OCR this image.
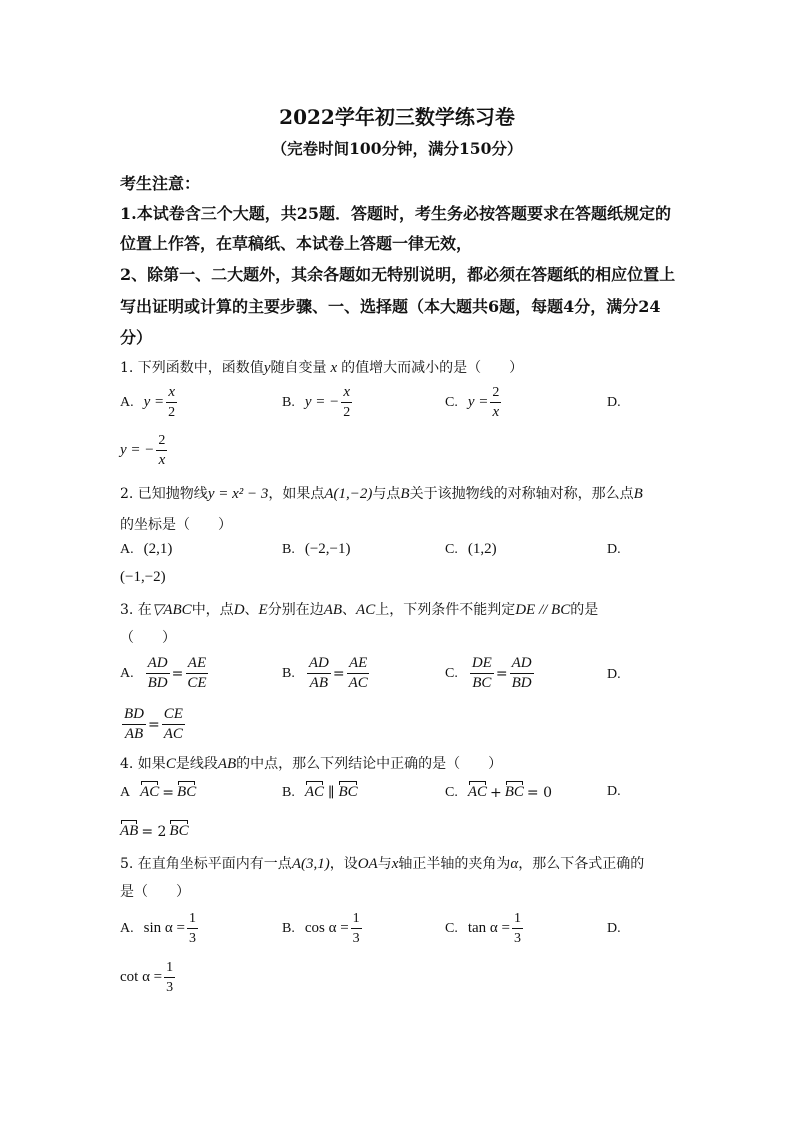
2022学年初三数学练习卷
（完卷时间100分钟，满分150分）
考生注意：
1.本试卷含三个大题，共25题．答题时，考生务必按答题要求在答题纸规定的
位置上作答，在草稿纸、本试卷上答题一律无效，
2、除第一、二大题外，其余各题如无特别说明，都必须在答题纸的相应位置上
写出证明或计算的主要步骤、一、选择题（本大题共6题，每题4分，满分24
分）
1. 下列函数中，函数值y随自变量 x 的值增大而减小的是（　　）
A. $y = \frac{x}{2}$	B. y = − $\frac{x}{2}$	C. $y = \frac{2}{x}$	D.
y = − $\frac{2}{x}$
2. 已知抛物线y = x² − 3，如果点A(1,−2)与点B关于该抛物线的对称轴对称，那么点B
的坐标是（　　）
A. (2,1)	B. (−2,−1)	C. (1,2)	D.
(−1,−2)
3. 在▽ABC中，点D、E分别在边AB、AC上，下列条件不能判定DE // BC的是
（　　）
A. $\frac{AD}{BD} = \frac{AE}{CE}$	B. $\frac{AD}{AB} = \frac{AE}{AC}$	C. $\frac{DE}{BC} = \frac{AD}{BD}$	D.
$\frac{BD}{AB} = \frac{CE}{AC}$
4. 如果C是线段AB的中点，那么下列结论中正确的是（　　）
A AC = BC	B. AC ∥ BC	C. AC + BC = 0	D.
AB = 2 BC
5. 在直角坐标平面内有一点A(3,1)，设OA与x轴正半轴的夹角为α，那么下各式正确的
是（　　）
A. $\sin \alpha = \frac{1}{3}$	B. $\cos \alpha = \frac{1}{3}$	C. $\tan \alpha = \frac{1}{3}$	D.
$\cot \alpha = \frac{1}{3}$
